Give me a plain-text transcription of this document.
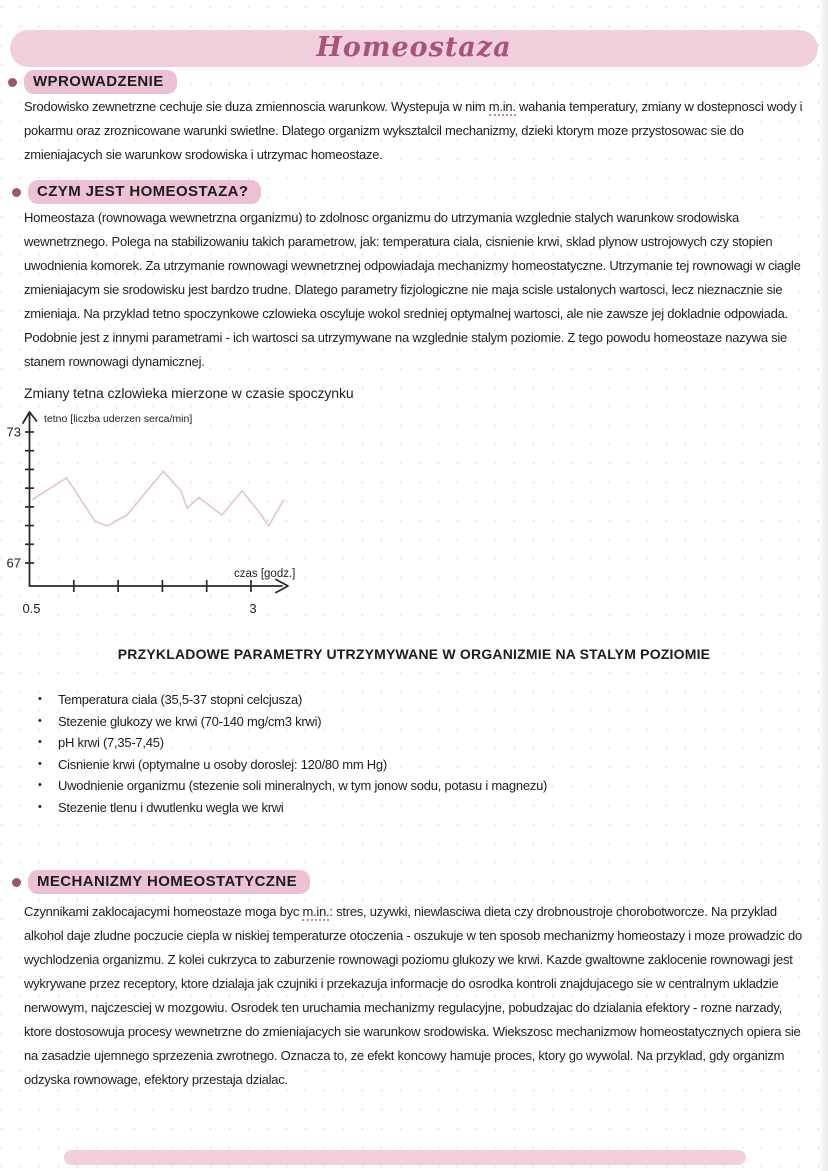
Homeostaza
WPROWADZENIE
Srodowisko zewnetrzne cechuje sie duza zmiennoscia warunkow. Wystepuja w nim m.in. wahania temperatury, zmiany w dostepnosci wody i pokarmu oraz zroznicowane warunki swietlne. Dlatego organizm wyksztalcil mechanizmy, dzieki ktorym moze przystosowac sie do zmieniajacych sie warunkow srodowiska i utrzymac homeostaze.
CZYM JEST HOMEOSTAZA?
Homeostaza (rownowaga wewnetrzna organizmu) to zdolnosc organizmu do utrzymania wzglednie stalych warunkow srodowiska wewnetrznego. Polega na stabilizowaniu takich parametrow, jak: temperatura ciala, cisnienie krwi, sklad plynow ustrojowych czy stopien uwodnienia komorek. Za utrzymanie rownowagi wewnetrznej odpowiadaja mechanizmy homeostatyczne. Utrzymanie tej rownowagi w ciagle zmieniajacym sie srodowisku jest bardzo trudne. Dlatego parametry fizjologiczne nie maja scisle ustalonych wartosci, lecz nieznacznie sie zmieniaja. Na przyklad tetno spoczynkowe czlowieka oscyluje wokol sredniej optymalnej wartosci, ale nie zawsze jej dokladnie odpowiada. Podobnie jest z innymi parametrami - ich wartosci sa utrzymywane na wzglednie stalym poziomie. Z tego powodu homeostaze nazywa sie stanem rownowagi dynamicznej.
Zmiany tetna czlowieka mierzone w czasie spoczynku
73
67
0.5	3
tetno [liczba uderzen serca/min]
czas [godz.]
PRZYKLADOWE PARAMETRY UTRZYMYWANE W ORGANIZMIE NA STALYM POZIOMIE
•	Temperatura ciala (35,5-37 stopni celcjusza)
•	Stezenie glukozy we krwi (70-140 mg/cm3 krwi)
•	pH krwi (7,35-7,45)
•	Cisnienie krwi (optymalne u osoby doroslej: 120/80 mm Hg)
•	Uwodnienie organizmu (stezenie soli mineralnych, w tym jonow sodu, potasu i magnezu)
•	Stezenie tlenu i dwutlenku wegla we krwi
MECHANIZMY HOMEOSTATYCZNE
Czynnikami zaklocajacymi homeostaze moga byc m.in.: stres, uzywki, niewlasciwa dieta czy drobnoustroje chorobotworcze. Na przyklad alkohol daje zludne poczucie ciepla w niskiej temperaturze otoczenia - oszukuje w ten sposob mechanizmy homeostazy i moze prowadzic do wychlodzenia organizmu. Z kolei cukrzyca to zaburzenie rownowagi poziomu glukozy we krwi. Kazde gwaltowne zaklocenie rownowagi jest wykrywane przez receptory, ktore dzialaja jak czujniki i przekazuja informacje do osrodka kontroli znajdujacego sie w centralnym ukladzie nerwowym, najczesciej w mozgowiu. Osrodek ten uruchamia mechanizmy regulacyjne, pobudzajac do dzialania efektory - rozne narzady, ktore dostosowuja procesy wewnetrzne do zmieniajacych sie warunkow srodowiska. Wiekszosc mechanizmow homeostatycznych opiera sie na zasadzie ujemnego sprzezenia zwrotnego. Oznacza to, ze efekt koncowy hamuje proces, ktory go wywolal. Na przyklad, gdy organizm odzyska rownowage, efektory przestaja dzialac.
